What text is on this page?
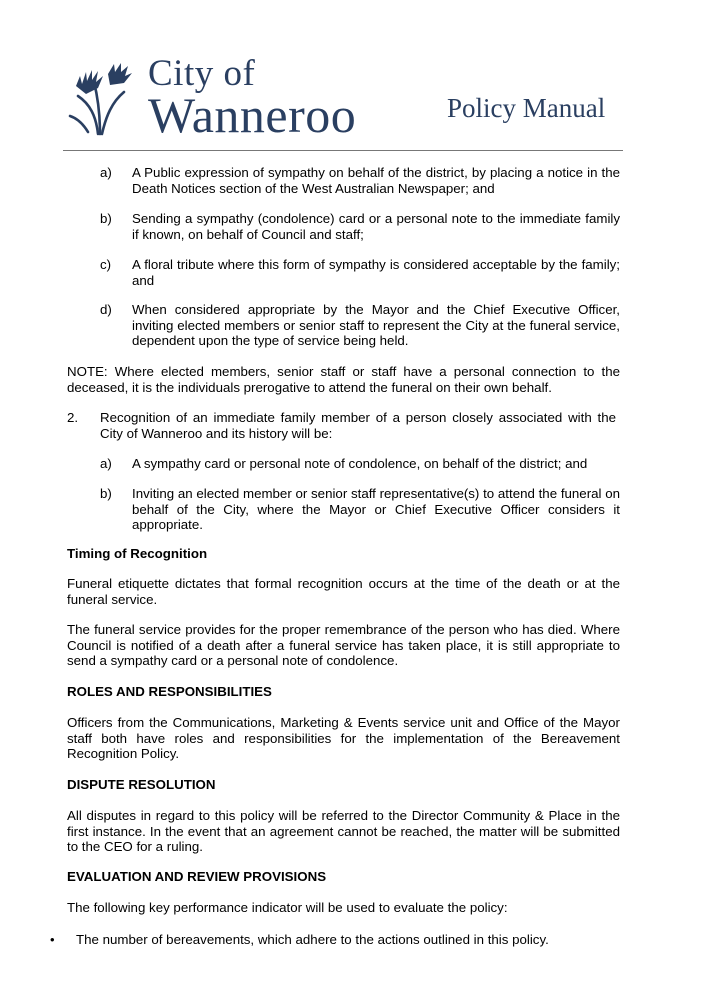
City of
Wanneroo	Policy Manual
a) A Public expression of sympathy on behalf of the district, by placing a notice in the Death Notices section of the West Australian Newspaper; and
b) Sending a sympathy (condolence) card or a personal note to the immediate family if known, on behalf of Council and staff;
c) A floral tribute where this form of sympathy is considered acceptable by the family; and
d) When considered appropriate by the Mayor and the Chief Executive Officer, inviting elected members or senior staff to represent the City at the funeral service, dependent upon the type of service being held.
NOTE: Where elected members, senior staff or staff have a personal connection to the deceased, it is the individuals prerogative to attend the funeral on their own behalf.
2. Recognition of an immediate family member of a person closely associated with the City of Wanneroo and its history will be:
a) A sympathy card or personal note of condolence, on behalf of the district; and
b) Inviting an elected member or senior staff representative(s) to attend the funeral on behalf of the City, where the Mayor or Chief Executive Officer considers it appropriate.
Timing of Recognition
Funeral etiquette dictates that formal recognition occurs at the time of the death or at the funeral service.
The funeral service provides for the proper remembrance of the person who has died. Where Council is notified of a death after a funeral service has taken place, it is still appropriate to send a sympathy card or a personal note of condolence.
ROLES AND RESPONSIBILITIES
Officers from the Communications, Marketing & Events service unit and Office of the Mayor staff both have roles and responsibilities for the implementation of the Bereavement Recognition Policy.
DISPUTE RESOLUTION
All disputes in regard to this policy will be referred to the Director Community & Place in the first instance. In the event that an agreement cannot be reached, the matter will be submitted to the CEO for a ruling.
EVALUATION AND REVIEW PROVISIONS
The following key performance indicator will be used to evaluate the policy:
• The number of bereavements, which adhere to the actions outlined in this policy.
